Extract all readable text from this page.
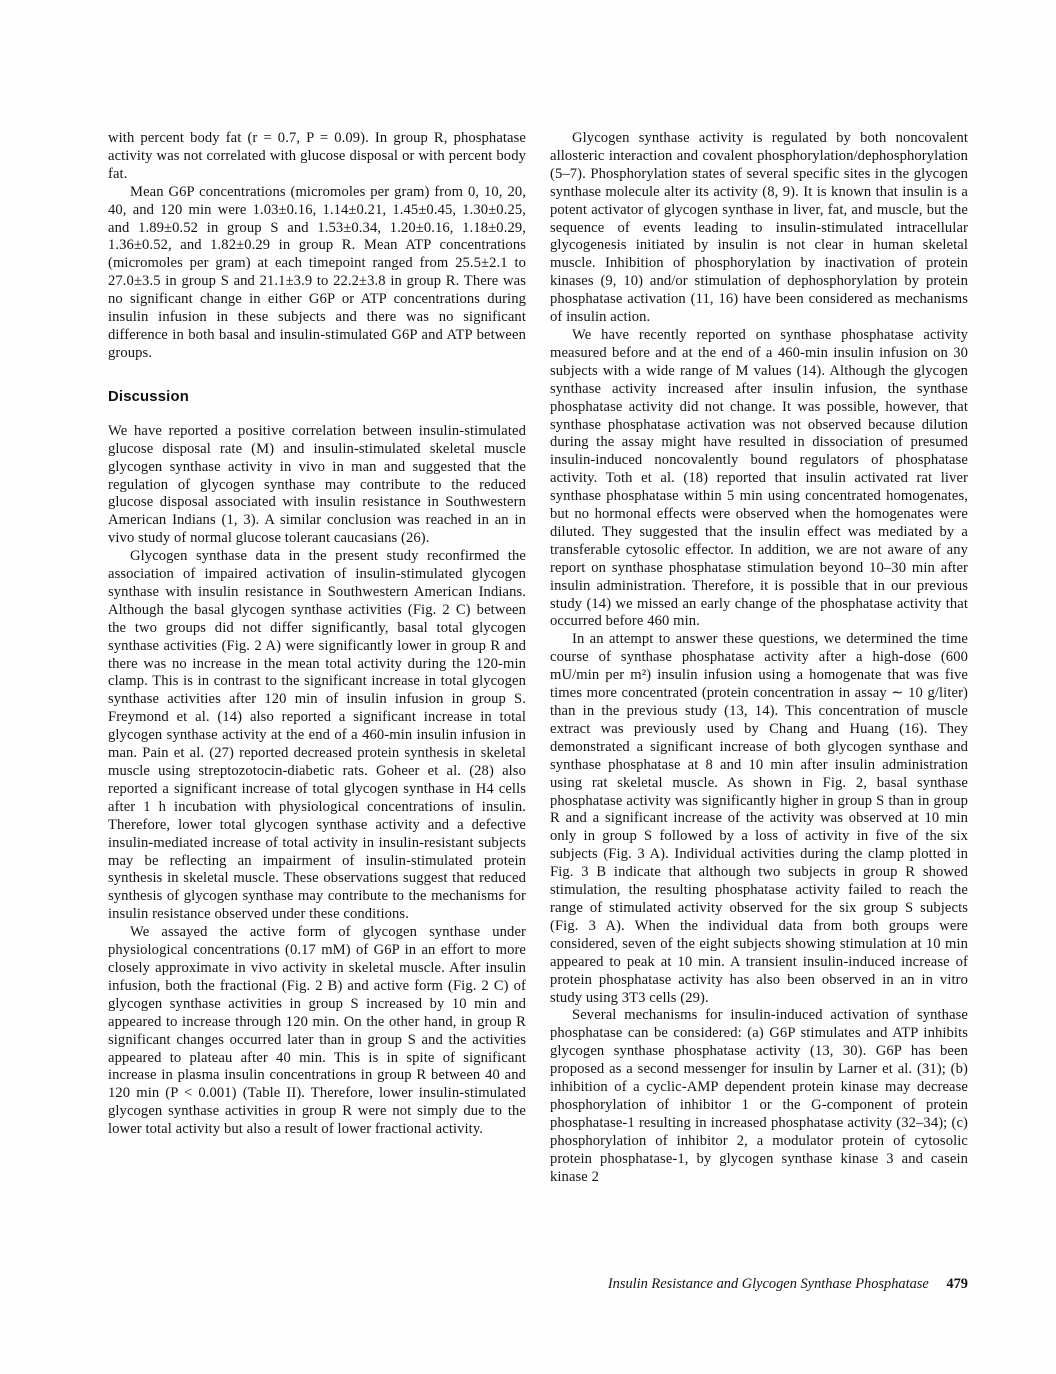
with percent body fat (r = 0.7, P = 0.09). In group R, phosphatase activity was not correlated with glucose disposal or with percent body fat.

Mean G6P concentrations (micromoles per gram) from 0, 10, 20, 40, and 120 min were 1.03±0.16, 1.14±0.21, 1.45±0.45, 1.30±0.25, and 1.89±0.52 in group S and 1.53±0.34, 1.20±0.16, 1.18±0.29, 1.36±0.52, and 1.82±0.29 in group R. Mean ATP concentrations (micromoles per gram) at each timepoint ranged from 25.5±2.1 to 27.0±3.5 in group S and 21.1±3.9 to 22.2±3.8 in group R. There was no significant change in either G6P or ATP concentrations during insulin infusion in these subjects and there was no significant difference in both basal and insulin-stimulated G6P and ATP between groups.

Discussion

We have reported a positive correlation between insulin-stimulated glucose disposal rate (M) and insulin-stimulated skeletal muscle glycogen synthase activity in vivo in man and suggested that the regulation of glycogen synthase may contribute to the reduced glucose disposal associated with insulin resistance in Southwestern American Indians (1, 3). A similar conclusion was reached in an in vivo study of normal glucose tolerant caucasians (26).

Glycogen synthase data in the present study reconfirmed the association of impaired activation of insulin-stimulated glycogen synthase with insulin resistance in Southwestern American Indians. Although the basal glycogen synthase activities (Fig. 2 C) between the two groups did not differ significantly, basal total glycogen synthase activities (Fig. 2 A) were significantly lower in group R and there was no increase in the mean total activity during the 120-min clamp. This is in contrast to the significant increase in total glycogen synthase activities after 120 min of insulin infusion in group S. Freymond et al. (14) also reported a significant increase in total glycogen synthase activity at the end of a 460-min insulin infusion in man. Pain et al. (27) reported decreased protein synthesis in skeletal muscle using streptozotocin-diabetic rats. Goheer et al. (28) also reported a significant increase of total glycogen synthase in H4 cells after 1 h incubation with physiological concentrations of insulin. Therefore, lower total glycogen synthase activity and a defective insulin-mediated increase of total activity in insulin-resistant subjects may be reflecting an impairment of insulin-stimulated protein synthesis in skeletal muscle. These observations suggest that reduced synthesis of glycogen synthase may contribute to the mechanisms for insulin resistance observed under these conditions.

We assayed the active form of glycogen synthase under physiological concentrations (0.17 mM) of G6P in an effort to more closely approximate in vivo activity in skeletal muscle. After insulin infusion, both the fractional (Fig. 2 B) and active form (Fig. 2 C) of glycogen synthase activities in group S increased by 10 min and appeared to increase through 120 min. On the other hand, in group R significant changes occurred later than in group S and the activities appeared to plateau after 40 min. This is in spite of significant increase in plasma insulin concentrations in group R between 40 and 120 min (P < 0.001) (Table II). Therefore, lower insulin-stimulated glycogen synthase activities in group R were not simply due to the lower total activity but also a result of lower fractional activity.

Glycogen synthase activity is regulated by both noncovalent allosteric interaction and covalent phosphorylation/dephosphorylation (5–7). Phosphorylation states of several specific sites in the glycogen synthase molecule alter its activity (8, 9). It is known that insulin is a potent activator of glycogen synthase in liver, fat, and muscle, but the sequence of events leading to insulin-stimulated intracellular glycogenesis initiated by insulin is not clear in human skeletal muscle. Inhibition of phosphorylation by inactivation of protein kinases (9, 10) and/or stimulation of dephosphorylation by protein phosphatase activation (11, 16) have been considered as mechanisms of insulin action.

We have recently reported on synthase phosphatase activity measured before and at the end of a 460-min insulin infusion on 30 subjects with a wide range of M values (14). Although the glycogen synthase activity increased after insulin infusion, the synthase phosphatase activity did not change. It was possible, however, that synthase phosphatase activation was not observed because dilution during the assay might have resulted in dissociation of presumed insulin-induced noncovalently bound regulators of phosphatase activity. Toth et al. (18) reported that insulin activated rat liver synthase phosphatase within 5 min using concentrated homogenates, but no hormonal effects were observed when the homogenates were diluted. They suggested that the insulin effect was mediated by a transferable cytosolic effector. In addition, we are not aware of any report on synthase phosphatase stimulation beyond 10–30 min after insulin administration. Therefore, it is possible that in our previous study (14) we missed an early change of the phosphatase activity that occurred before 460 min.

In an attempt to answer these questions, we determined the time course of synthase phosphatase activity after a high-dose (600 mU/min per m²) insulin infusion using a homogenate that was five times more concentrated (protein concentration in assay ∼ 10 g/liter) than in the previous study (13, 14). This concentration of muscle extract was previously used by Chang and Huang (16). They demonstrated a significant increase of both glycogen synthase and synthase phosphatase at 8 and 10 min after insulin administration using rat skeletal muscle. As shown in Fig. 2, basal synthase phosphatase activity was significantly higher in group S than in group R and a significant increase of the activity was observed at 10 min only in group S followed by a loss of activity in five of the six subjects (Fig. 3 A). Individual activities during the clamp plotted in Fig. 3 B indicate that although two subjects in group R showed stimulation, the resulting phosphatase activity failed to reach the range of stimulated activity observed for the six group S subjects (Fig. 3 A). When the individual data from both groups were considered, seven of the eight subjects showing stimulation at 10 min appeared to peak at 10 min. A transient insulin-induced increase of protein phosphatase activity has also been observed in an in vitro study using 3T3 cells (29).

Several mechanisms for insulin-induced activation of synthase phosphatase can be considered: (a) G6P stimulates and ATP inhibits glycogen synthase phosphatase activity (13, 30). G6P has been proposed as a second messenger for insulin by Larner et al. (31); (b) inhibition of a cyclic-AMP dependent protein kinase may decrease phosphorylation of inhibitor 1 or the G-component of protein phosphatase-1 resulting in increased phosphatase activity (32–34); (c) phosphorylation of inhibitor 2, a modulator protein of cytosolic protein phosphatase-1, by glycogen synthase kinase 3 and casein kinase 2

Insulin Resistance and Glycogen Synthase Phosphatase 479
